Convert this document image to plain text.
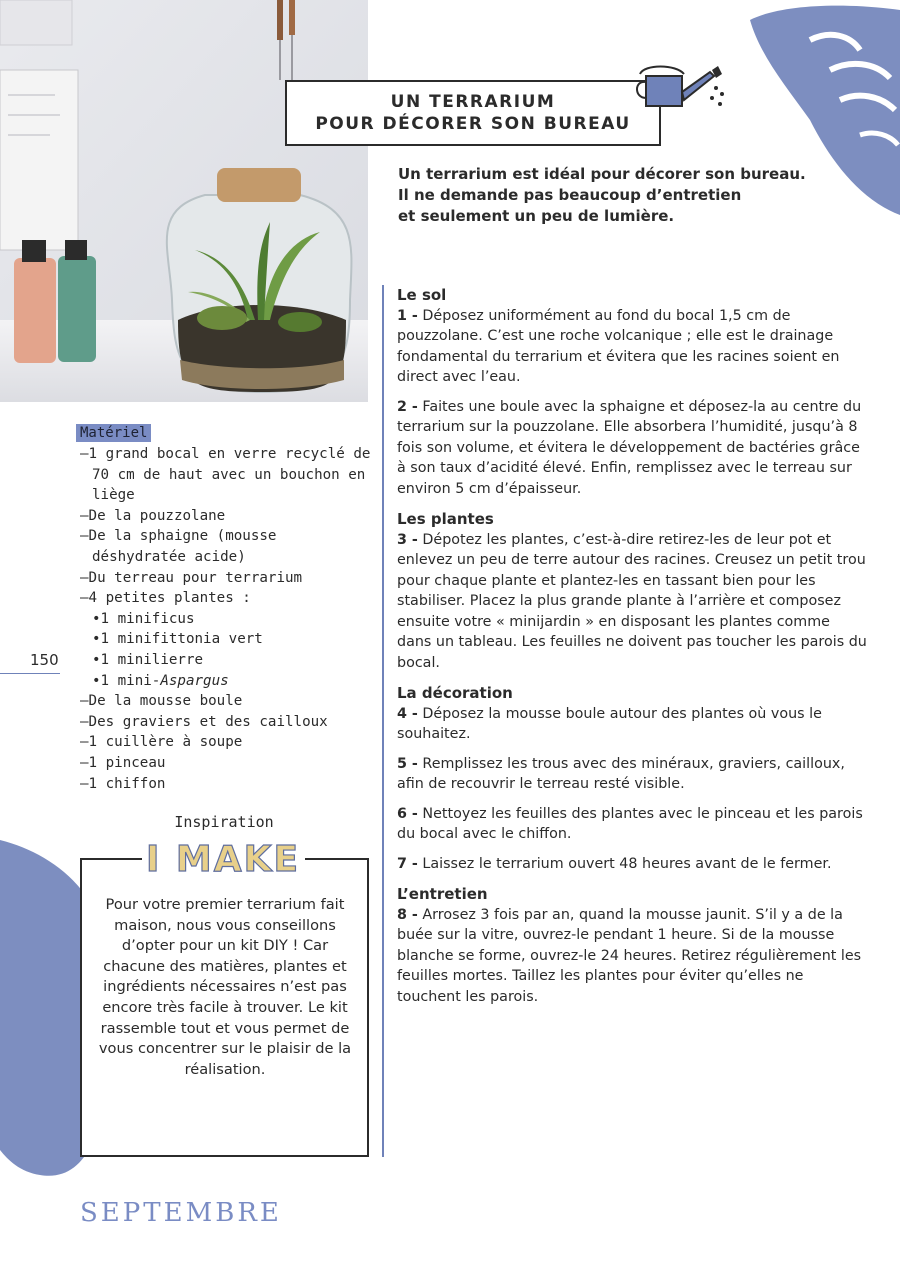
UN TERRARIUM
POUR DÉCORER SON BUREAU
Un terrarium est idéal pour décorer son bureau.
Il ne demande pas beaucoup d’entretien
et seulement un peu de lumière.
Le sol

1 - Déposez uniformément au fond du bocal 1,5 cm de pouzzolane. C’est une roche volcanique ; elle est le drainage fondamental du terrarium et évitera que les racines soient en direct avec l’eau.

2 - Faites une boule avec la sphaigne et déposez-la au centre du terrarium sur la pouzzolane. Elle absorbera l’humidité, jusqu’à 8 fois son volume, et évitera le développement de bactéries grâce à son taux d’acidité élevé. Enfin, remplissez avec le terreau sur environ 5 cm d’épaisseur.

Les plantes

3 - Dépotez les plantes, c’est-à-dire retirez-les de leur pot et enlevez un peu de terre autour des racines. Creusez un petit trou pour chaque plante et plantez-les en tassant bien pour les stabiliser. Placez la plus grande plante à l’arrière et composez ensuite votre « minijardin » en disposant les plantes comme dans un tableau. Les feuilles ne doivent pas toucher les parois du bocal.

La décoration

4 - Déposez la mousse boule autour des plantes où vous le souhaitez.

5 - Remplissez les trous avec des minéraux, graviers, cailloux, afin de recouvrir le terreau resté visible.

6 - Nettoyez les feuilles des plantes avec le pinceau et les parois du bocal avec le chiffon.

7 - Laissez le terrarium ouvert 48 heures avant de le fermer.

L’entretien

8 - Arrosez 3 fois par an, quand la mousse jaunit. S’il y a de la buée sur la vitre, ouvrez-le pendant 1 heure. Si de la mousse blanche se forme, ouvrez-le 24 heures. Retirez régulièrement les feuilles mortes. Taillez les plantes pour éviter qu’elles ne touchent les parois.

Matériel
– 1 grand bocal en verre recyclé de 70 cm de haut avec un bouchon en liège
– De la pouzzolane
– De la sphaigne (mousse déshydratée acide)
– Du terreau pour terrarium
– 4 petites plantes :
• 1 minificus
• 1 minifittonia vert
• 1 minilierre
• 1 mini-Aspargus
– De la mousse boule
– Des graviers et des cailloux
– 1 cuillère à soupe
– 1 pinceau
– 1 chiffon
150
Inspiration
I MAKE
Pour votre premier terrarium fait maison, nous vous conseillons d’opter pour un kit DIY ! Car chacune des matières, plantes et ingrédients nécessaires n’est pas encore très facile à trouver. Le kit rassemble tout et vous permet de vous concentrer sur le plaisir de la réalisation.
SEPTEMBRE
